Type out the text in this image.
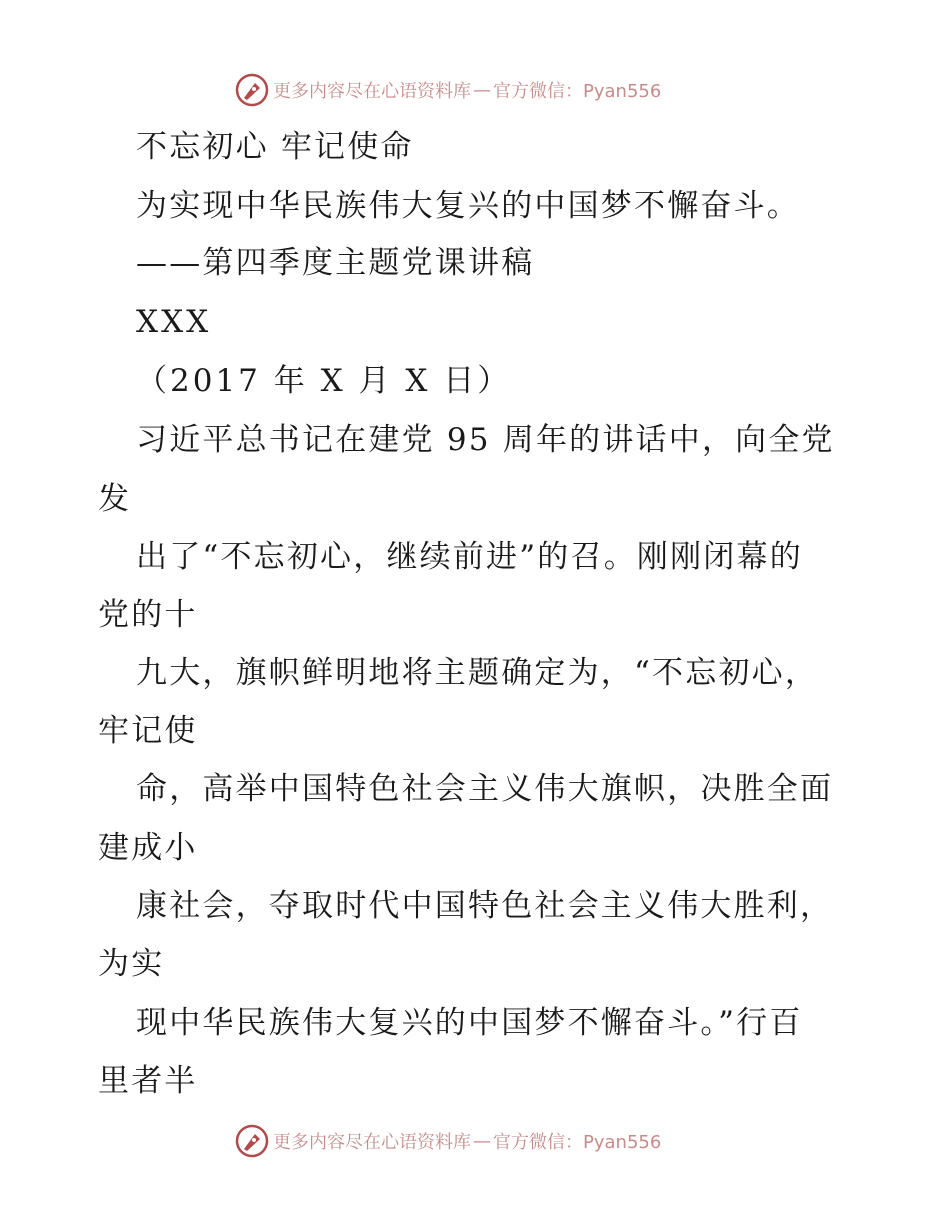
更多内容尽在心语资料库 — 官方微信：Pyan556
不忘初心 牢记使命
为实现中华民族伟大复兴的中国梦不懈奋斗。
——第四季度主题党课讲稿
XXX
（2017 年 X 月 X 日）
习近平总书记在建党 95 周年的讲话中，向全党
发
出了“不忘初心，继续前进”的召。刚刚闭幕的
党的十
九大，旗帜鲜明地将主题确定为，“不忘初心，
牢记使
命，高举中国特色社会主义伟大旗帜，决胜全面
建成小
康社会，夺取时代中国特色社会主义伟大胜利，
为实
现中华民族伟大复兴的中国梦不懈奋斗。”行百
里者半
更多内容尽在心语资料库 — 官方微信：Pyan556
